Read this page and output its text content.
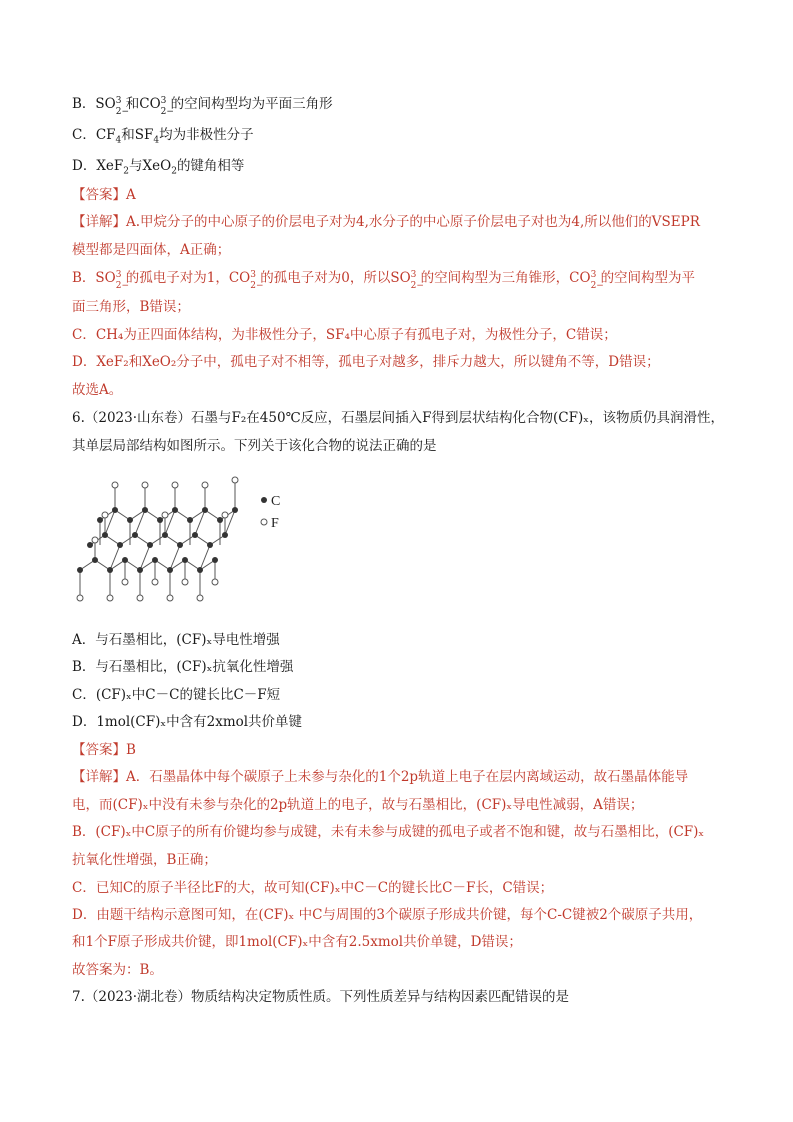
B．SO 2−
3 和CO 2−
3 的空间构型均为平面三角形
C．$CF_4$和$SF_4$均为非极性分子
D．XeF$_2$与XeO$_2$的键角相等
【答案】A
【详解】A.甲烷分子的中心原子的价层电子对为4,水分子的中心原子价层电子对也为4,所以他们的VSEPR
模型都是四面体，A正确；
B．SO 2−
3 的孤电子对为1，CO 2−
3 的孤电子对为0，所以SO 2−
3 的空间构型为三角锥形，CO 2−
3 的空间构型为平
面三角形，B错误；
C．CH₄为正四面体结构，为非极性分子，SF₄中心原子有孤电子对，为极性分子，C错误；
D．XeF₂和XeO₂分子中，孤电子对不相等，孤电子对越多，排斥力越大，所以键角不等，D错误；
故选A。
6.（2023·山东卷）石墨与F₂在450℃反应，石墨层间插入F得到层状结构化合物(CF)ₓ，该物质仍具润滑性，
其单层局部结构如图所示。下列关于该化合物的说法正确的是
C
F
A．与石墨相比，(CF)ₓ导电性增强
B．与石墨相比，(CF)ₓ抗氧化性增强
C．(CF)ₓ中C－C的键长比C－F短
D．1mol(CF)ₓ中含有2xmol共价单键
【答案】B
【详解】A．石墨晶体中每个碳原子上未参与杂化的1个2p轨道上电子在层内离域运动，故石墨晶体能导
电，而(CF)ₓ中没有未参与杂化的2p轨道上的电子，故与石墨相比，(CF)ₓ导电性减弱，A错误；
B．(CF)ₓ中C原子的所有价键均参与成键，未有未参与成键的孤电子或者不饱和键，故与石墨相比，(CF)ₓ
抗氧化性增强，B正确；
C．已知C的原子半径比F的大，故可知(CF)ₓ中C－C的键长比C－F长，C错误；
D．由题干结构示意图可知，在(CF)ₓ 中C与周围的3个碳原子形成共价键，每个C-C键被2个碳原子共用，
和1个F原子形成共价键，即1mol(CF)ₓ中含有2.5xmol共价单键，D错误；
故答案为：B。
7.（2023·湖北卷）物质结构决定物质性质。下列性质差异与结构因素匹配错误的是
